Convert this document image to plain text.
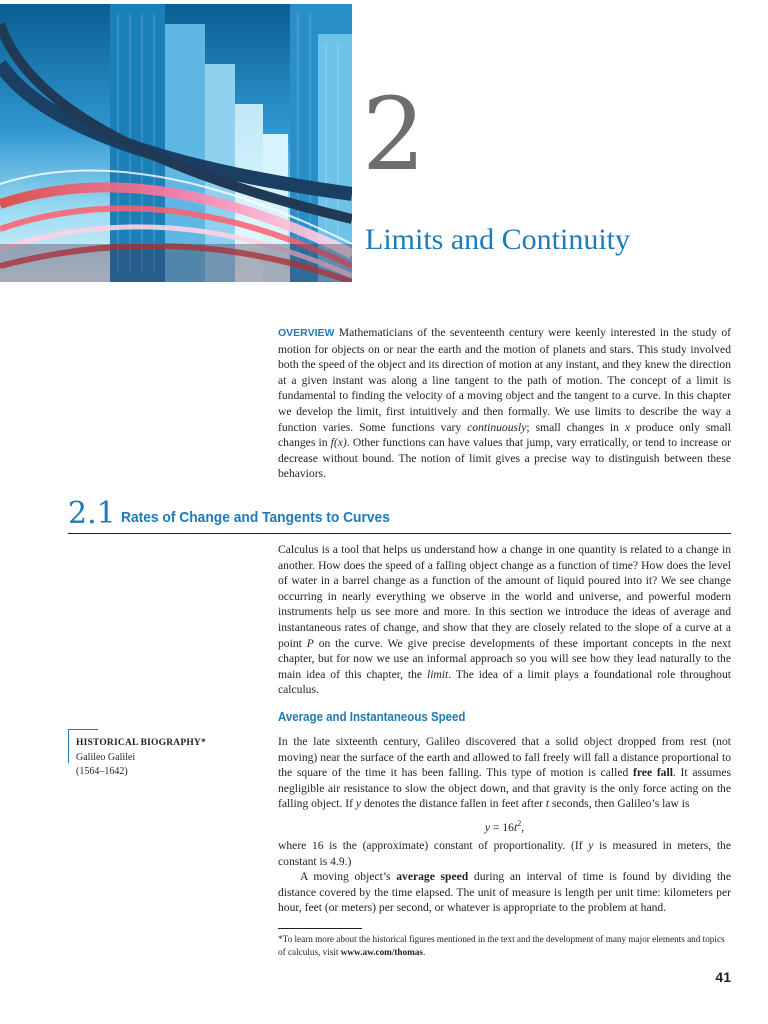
2
Limits and Continuity
OVERVIEW Mathematicians of the seventeenth century were keenly interested in the study of motion for objects on or near the earth and the motion of planets and stars. This study involved both the speed of the object and its direction of motion at any instant, and they knew the direction at a given instant was along a line tangent to the path of motion. The concept of a limit is fundamental to finding the velocity of a moving object and the tangent to a curve. In this chapter we develop the limit, first intuitively and then formally. We use limits to describe the way a function varies. Some functions vary continuously; small changes in x produce only small changes in f(x). Other functions can have values that jump, vary erratically, or tend to increase or decrease without bound. The notion of limit gives a precise way to distinguish between these behaviors.
2.1 Rates of Change and Tangents to Curves
Calculus is a tool that helps us understand how a change in one quantity is related to a change in another. How does the speed of a falling object change as a function of time? How does the level of water in a barrel change as a function of the amount of liquid poured into it? We see change occurring in nearly everything we observe in the world and universe, and powerful modern instruments help us see more and more. In this section we introduce the ideas of average and instantaneous rates of change, and show that they are closely related to the slope of a curve at a point P on the curve. We give precise developments of these important concepts in the next chapter, but for now we use an informal approach so you will see how they lead naturally to the main idea of this chapter, the limit. The idea of a limit plays a foundational role throughout calculus.
Average and Instantaneous Speed
HISTORICAL BIOGRAPHY*
Galileo Galilei
(1564–1642)
In the late sixteenth century, Galileo discovered that a solid object dropped from rest (not moving) near the surface of the earth and allowed to fall freely will fall a distance proportional to the square of the time it has been falling. This type of motion is called free fall. It assumes negligible air resistance to slow the object down, and that gravity is the only force acting on the falling object. If y denotes the distance fallen in feet after t seconds, then Galileo’s law is
$y = 16t^2$,
where 16 is the (approximate) constant of proportionality. (If y is measured in meters, the constant is 4.9.)
A moving object’s average speed during an interval of time is found by dividing the distance covered by the time elapsed. The unit of measure is length per unit time: kilometers per hour, feet (or meters) per second, or whatever is appropriate to the problem at hand.
*To learn more about the historical figures mentioned in the text and the development of many major elements and topics of calculus, visit www.aw.com/thomas.
41
